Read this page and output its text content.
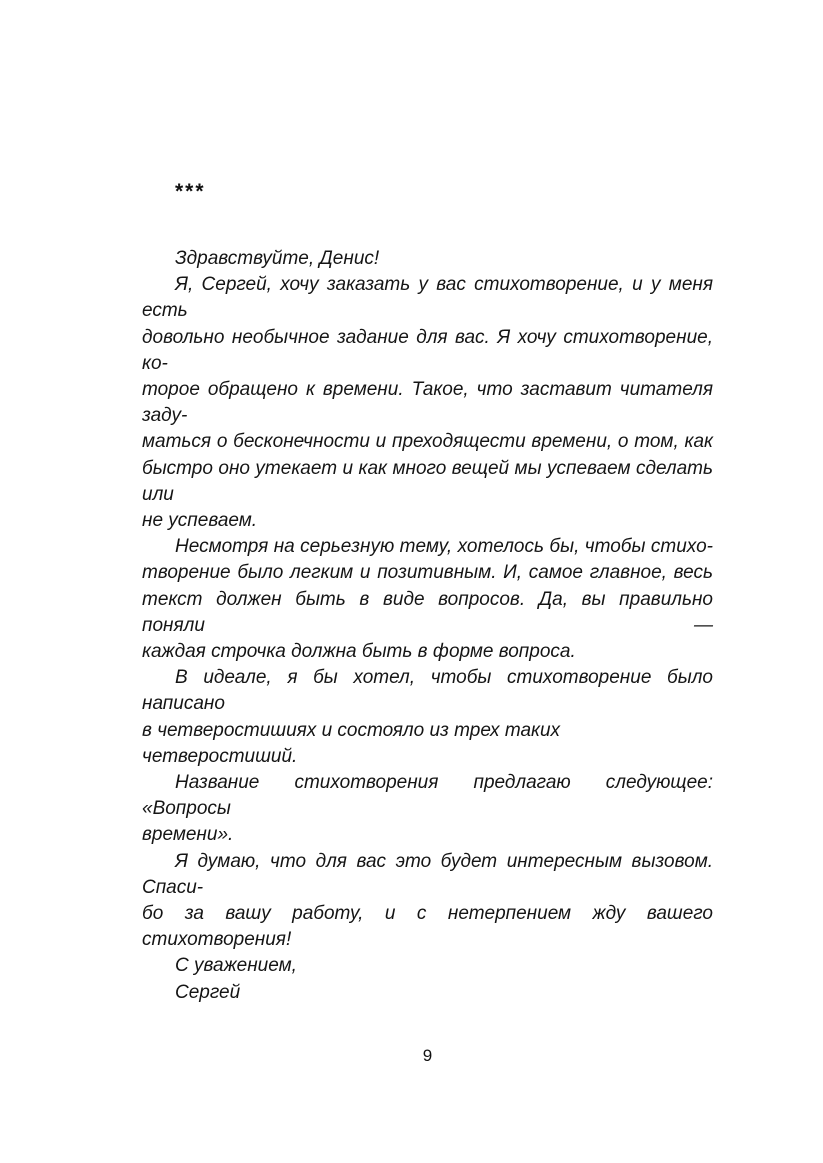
***

Здравствуйте, Денис!

Я, Сергей, хочу заказать у вас стихотворение, и у меня есть

довольно необычное задание для вас. Я хочу стихотворение, ко-

торое обращено к времени. Такое, что заставит читателя заду-

маться о бесконечности и преходящести времени, о том, как

быстро оно утекает и как много вещей мы успеваем сделать или

не успеваем.

Несмотря на серьезную тему, хотелось бы, чтобы стихо-

творение было легким и позитивным. И, самое главное, весь

текст должен быть в виде вопросов. Да, вы правильно поняли —

каждая строчка должна быть в форме вопроса.

В идеале, я бы хотел, чтобы стихотворение было написано

в четверостишиях и состояло из трех таких четверостиший.

Название стихотворения предлагаю следующее: «Вопросы

времени».

Я думаю, что для вас это будет интересным вызовом. Спаси-

бо за вашу работу, и с нетерпением жду вашего стихотворения!

С уважением,

Сергей

9
